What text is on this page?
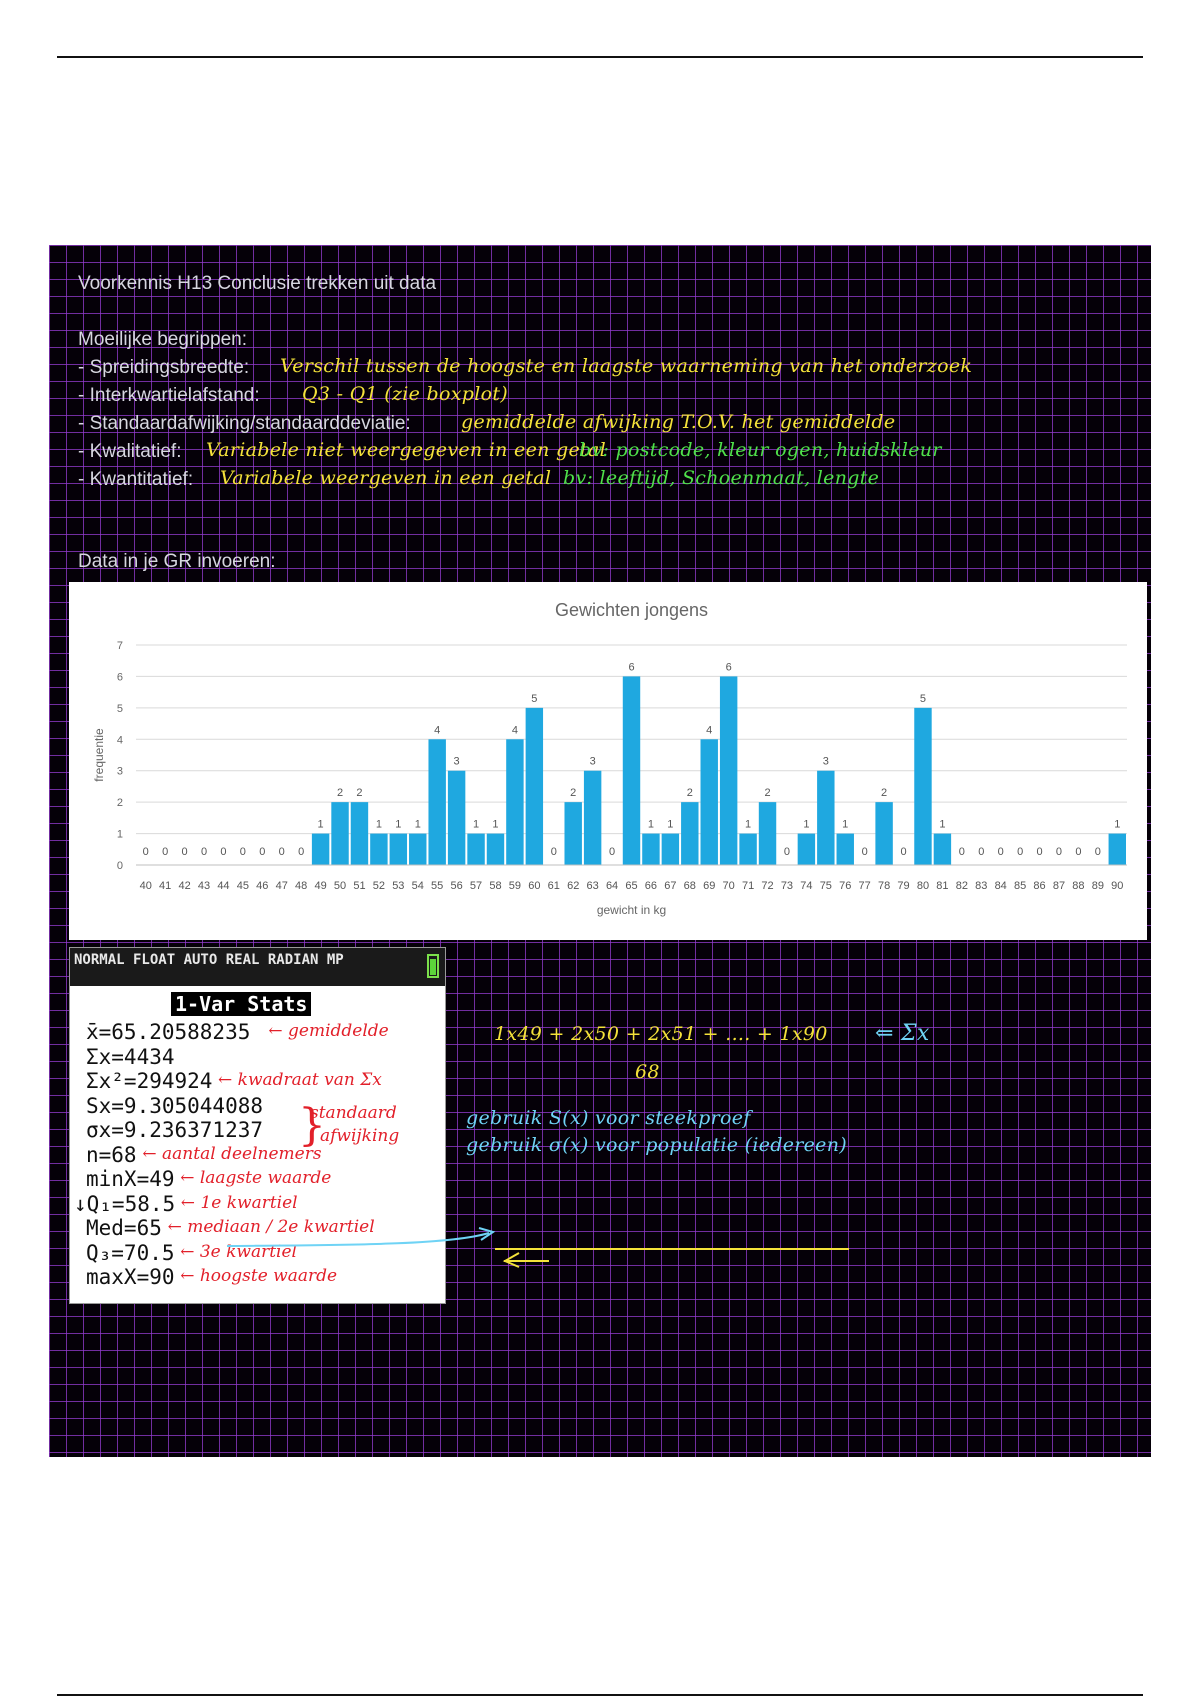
Voorkennis H13 Conclusie trekken uit data
Moeilijke begrippen:
- Spreidingsbreedte: Verschil tussen de hoogste en laagste waarneming van het onderzoek
- Interkwartielafstand: Q3 - Q1 (zie boxplot)
- Standaardafwijking/standaarddeviatie:	gemiddelde afwijking T.O.V. het gemiddelde
- Kwalitatief: Variabele niet weergegeven in een getal
bv: postcode, kleur ogen, huidskleur
- Kwantitatief: Variabele weergeven in een getal bv: leeftijd, Schoenmaat, lengte
Data in je GR invoeren:
Gewichten jongens
0
1
2
3
4
5
6
7
frequentie
0
40
0
41
0
42
0
43
0
44
0
45
0
46
0
47
0
48
1
49
2
50
2
51
1
52
1
53
1
54
4
55
3
56
1
57
1
58
4
59
5
60
0
61
2
62
3
63
0
64
6
65
1
66
1
67
2
68
4
69
6
70
1
71
2
72
0
73
1
74
3
75
1
76
0
77
2
78
0
79
5
80
1
81
0
82
0
83
0
84
0
85
0
86
0
87
0
88
0
89
1
90
gewicht in kg
NORMAL FLOAT AUTO REAL RADIAN MP
1-Var Stats
x̄=65.20588235 ← gemiddelde
Σx=4434
Σx²=294924 ← kwadraat van Σx
Sx=9.305044088
σx=9.236371237
n=68 ← aantal deelnemers
minX=49 ← laagste waarde
↓Q₁=58.5 ← 1e kwartiel
Med=65 ← mediaan / 2e kwartiel
Q₃=70.5 ← 3e kwartiel
maxX=90 ← hoogste waarde
standaard
afwijking
}
1x49 + 2x50 + 2x51 + .... + 1x90 ⇐ Σx
68
gebruik S(x) voor steekproef
gebruik σ(x) voor populatie (iedereen)
